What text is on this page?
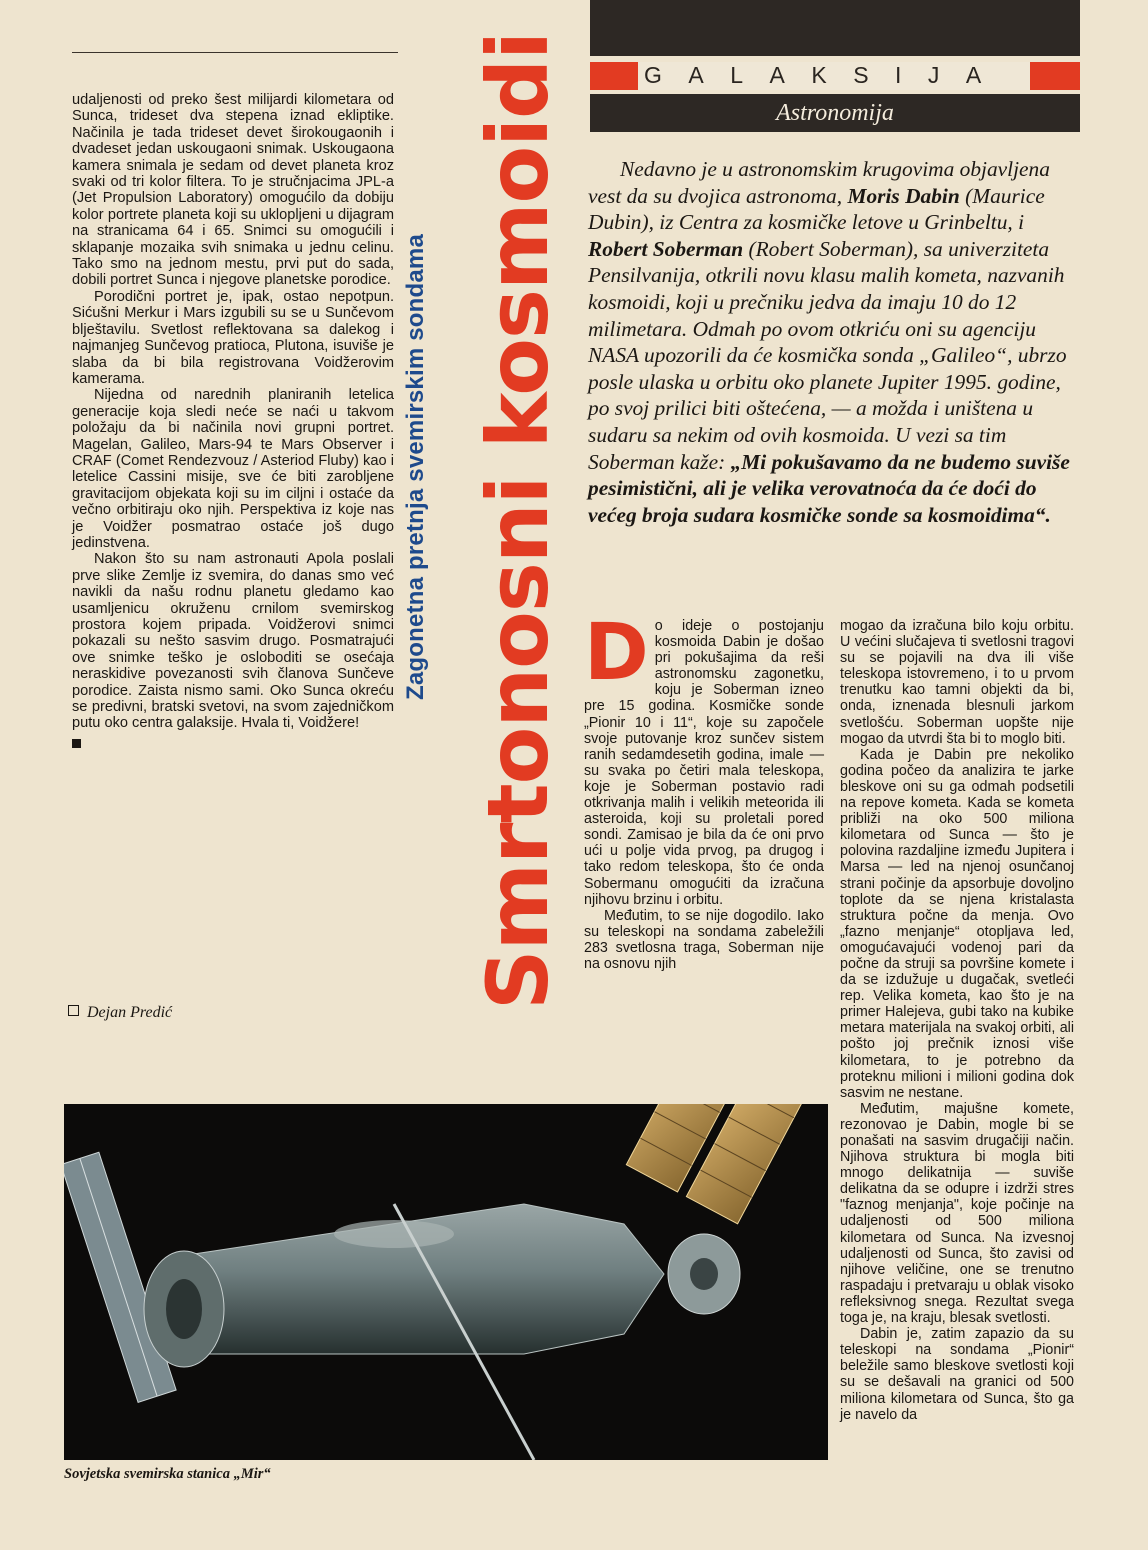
udaljenosti od preko šest milijardi kilometara od Sunca, trideset dva stepena iznad ekliptike. Načinila je tada trideset devet širokougaonih i dvadeset jedan uskougaoni snimak. Uskougaona kamera snimala je sedam od devet planeta kroz svaki od tri kolor filtera. To je stručnjacima JPL-a (Jet Propulsion Laboratory) omogućilo da dobiju kolor portrete planeta koji su uklopljeni u dijagram na stranicama 64 i 65. Snimci su omogućili i sklapanje mozaika svih snimaka u jednu celinu. Tako smo na jednom mestu, prvi put do sada, dobili portret Sunca i njegove planetske porodice.

Porodični portret je, ipak, ostao nepotpun. Sićušni Merkur i Mars izgubili su se u Sunčevom blještavilu. Svetlost reflektovana sa dalekog i najmanjeg Sunčevog pratioca, Plutona, isuviše je slaba da bi bila registrovana Voidžerovim kamerama.

Nijedna od narednih planiranih letelica generacije koja sledi neće se naći u takvom položaju da bi načinila novi grupni portret. Magelan, Galileo, Mars-94 te Mars Observer i CRAF (Comet Rendezvouz / Asteriod Fluby) kao i letelice Cassini misije, sve će biti zarobljene gravitacijom objekata koji su im ciljni i ostaće da večno orbitiraju oko njih. Perspektiva iz koje nas je Voidžer posmatrao ostaće još dugo jedinstvena.

Nakon što su nam astronauti Apola poslali prve slike Zemlje iz svemira, do danas smo već navikli da našu rodnu planetu gledamo kao usamljenicu okruženu crnilom svemirskog prostora kojem pripada. Voidžerovi snimci pokazali su nešto sasvim drugo. Posmatrajući ove snimke teško je osloboditi se osećaja neraskidive povezanosti svih članova Sunčeve porodice. Zaista nismo sami. Oko Sunca okreću se predivni, bratski svetovi, na svom zajedničkom putu oko centra galaksije. Hvala ti, Voidžere!

Dejan Predić
Zagonetna pretnja svemirskim sondama Smrtonosni kosmoidi	GALAKSIJA
Astronomija

Nedavno je u astronomskim krugovima objavljena vest da su dvojica astronoma, Moris Dabin (Maurice Dubin), iz Centra za kosmičke letove u Grinbeltu, i Robert Soberman (Robert Soberman), sa univerziteta Pensilvanija, otkrili novu klasu malih kometa, nazvanih kosmoidi, koji u prečniku jedva da imaju 10 do 12 milimetara. Odmah po ovom otkriću oni su agenciju NASA upozorili da će kosmička sonda „Galileo“, ubrzo posle ulaska u orbitu oko planete Jupiter 1995. godine, po svoj prilici biti oštećena, — a možda i uništena u sudaru sa nekim od ovih kosmoida. U vezi sa tim Soberman kaže: „Mi pokušavamo da ne budemo suviše pesimistični, ali je velika verovatnoća da će doći do većeg broja sudara kosmičke sonde sa kosmoidima“.

Do ideje o postojanju kosmoida Dabin je došao pri pokušajima da reši astronomsku zagonetku, koju je Soberman izneo pre 15 godina. Kosmičke sonde „Pionir 10 i 11“, koje su započele svoje putovanje kroz sunčev sistem ranih sedamdesetih godina, imale — su svaka po četiri mala teleskopa, koje je Soberman postavio radi otkrivanja malih i velikih meteorida ili asteroida, koji su proletali pored sondi. Zamisao je bila da će oni prvo ući u polje vida prvog, pa drugog i tako redom teleskopa, što će onda Sobermanu omogućiti da izračuna njihovu brzinu i orbitu.

Međutim, to se nije dogodilo. Iako su teleskopi na sondama zabeležili 283 svetlosna traga, Soberman nije na osnovu njih

mogao da izračuna bilo koju orbitu. U većini slučajeva ti svetlosni tragovi su se pojavili na dva ili više teleskopa istovremeno, i to u prvom trenutku kao tamni objekti da bi, onda, iznenada blesnuli jarkom svetlošću. Soberman uopšte nije mogao da utvrdi šta bi to moglo biti.

Kada je Dabin pre nekoliko godina počeo da analizira te jarke bleskove oni su ga odmah podsetili na repove kometa. Kada se kometa približi na oko 500 miliona kilometara od Sunca — što je polovina razdaljine između Jupitera i Marsa — led na njenoj osunčanoj strani počinje da apsorbuje dovoljno toplote da se njena kristalasta struktura počne da menja. Ovo „fazno menjanje“ otopljava led, omogućavajući vodenoj pari da počne da struji sa površine komete i da se izdužuje u dugačak, svetleći rep. Velika kometa, kao što je na primer Halejeva, gubi tako na kubike metara materijala na svakoj orbiti, ali pošto joj prečnik iznosi više kilometara, to je potrebno da proteknu milioni i milioni godina dok sasvim ne nestane.

Međutim, majušne komete, rezonovao je Dabin, mogle bi se ponašati na sasvim drugačiji način. Njihova struktura bi mogla biti mnogo delikatnija — suviše delikatna da se odupre i izdrži stres "faznog menjanja", koje počinje na udaljenosti od 500 miliona kilometara od Sunca. Na izvesnoj udaljenosti od Sunca, što zavisi od njihove veličine, one se trenutno raspadaju i pretvaraju u oblak visoko refleksivnog snega. Rezultat svega toga je, na kraju, blesak svetlosti.

Dabin je, zatim zapazio da su teleskopi na sondama „Pionir“ beležile samo bleskove svetlosti koji su se dešavali na granici od 500 miliona kilometara od Sunca, što ga je navelo da

Sovjetska svemirska stanica „Mir“
